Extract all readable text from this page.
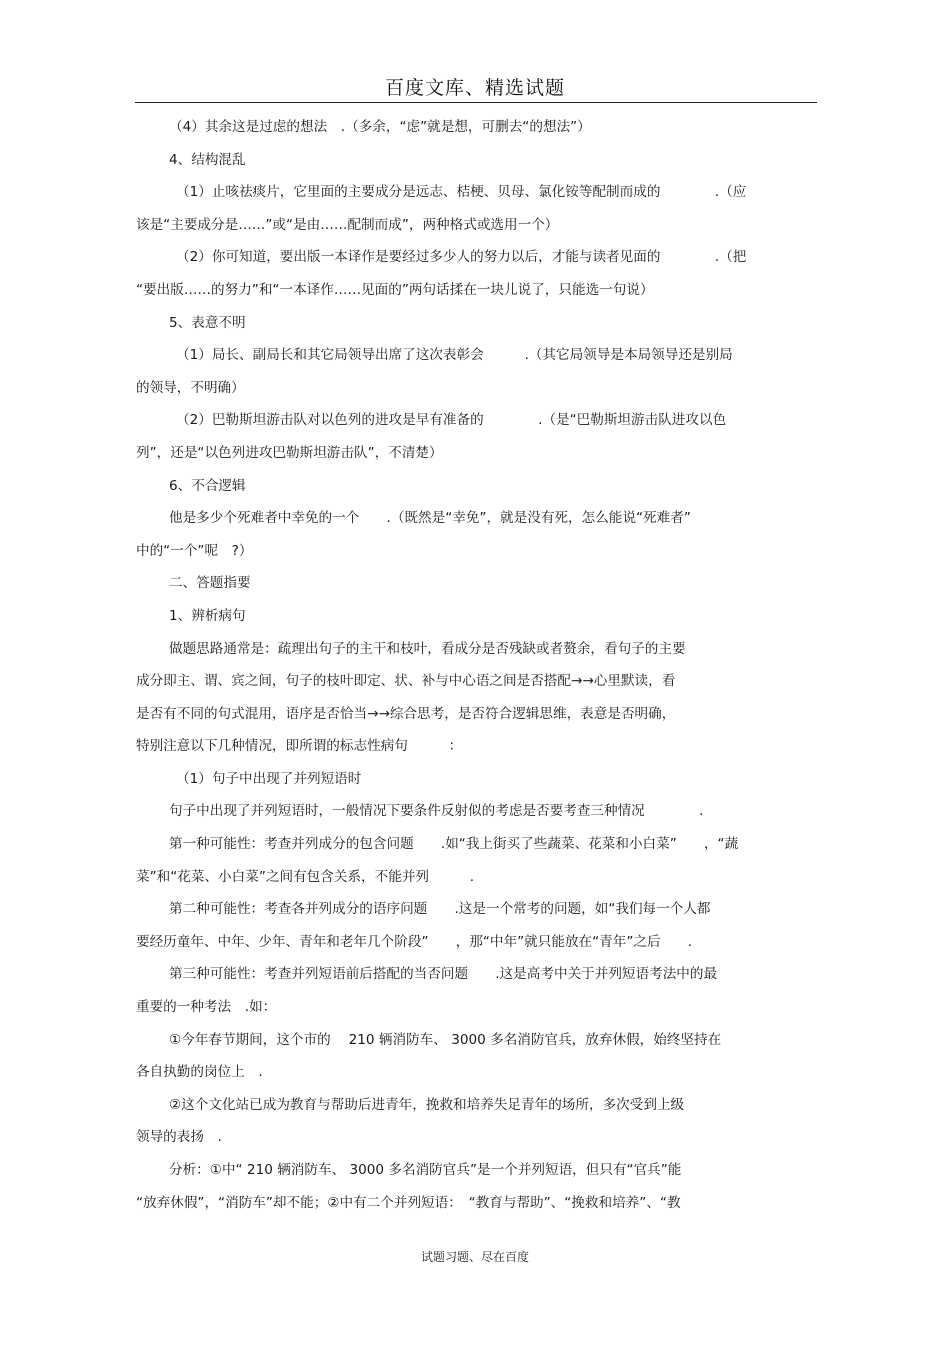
百度文库、精选试题
（4）其余这是过虑的想法　.（多余，“虑”就是想，可删去“的想法”）
4、结构混乱
（1）止咳祛痰片，它里面的主要成分是远志、桔梗、贝母、氯化铵等配制而成的　　　　.（应
该是“主要成分是……”或“是由……配制而成”，两种格式或选用一个）
（2）你可知道，要出版一本译作是要经过多少人的努力以后，才能与读者见面的　　　　.（把
“要出版……的努力”和“一本译作……见面的”两句话揉在一块儿说了，只能选一句说）
5、表意不明
（1）局长、副局长和其它局领导出席了这次表彰会　　　.（其它局领导是本局领导还是别局
的领导，不明确）
（2）巴勒斯坦游击队对以色列的进攻是早有准备的　　　　.（是“巴勒斯坦游击队进攻以色
列”，还是“以色列进攻巴勒斯坦游击队”，不清楚）
6、不合逻辑
他是多少个死难者中幸免的一个　　.（既然是“幸免”，就是没有死，怎么能说“死难者”
中的“一个”呢　?）
二、答题指要
1、辨析病句
做题思路通常是：疏理出句子的主干和枝叶，看成分是否残缺或者赘余，看句子的主要
成分即主、谓、宾之间，句子的枝叶即定、状、补与中心语之间是否搭配→→心里默读，看
是否有不同的句式混用，语序是否恰当→→综合思考，是否符合逻辑思维，表意是否明确，
特别注意以下几种情况，即所谓的标志性病句　　　：
（1）句子中出现了并列短语时
句子中出现了并列短语时，一般情况下要条件反射似的考虑是否要考查三种情况　　　　.
第一种可能性：考查并列成分的包含问题　　.如“我上街买了些蔬菜、花菜和小白菜”　　，“蔬
菜”和“花菜、小白菜”之间有包含关系，不能并列　　　.
第二种可能性：考查各并列成分的语序问题　　.这是一个常考的问题，如“我们每一个人都
要经历童年、中年、少年、青年和老年几个阶段”　　，那“中年”就只能放在“青年”之后　　.
第三种可能性：考查并列短语前后搭配的当否问题　　.这是高考中关于并列短语考法中的最
重要的一种考法　.如：
①今年春节期间，这个市的　 210 辆消防车、 3000 多名消防官兵，放弃休假，始终坚持在
各自执勤的岗位上　.
②这个文化站已成为教育与帮助后进青年，挽救和培养失足青年的场所，多次受到上级
领导的表扬　.
分析：①中“ 210 辆消防车、 3000 多名消防官兵”是一个并列短语，但只有“官兵”能
“放弃休假”，“消防车”却不能；②中有二个并列短语：　“教育与帮助”、“挽救和培养”、“教
试题习题、尽在百度
